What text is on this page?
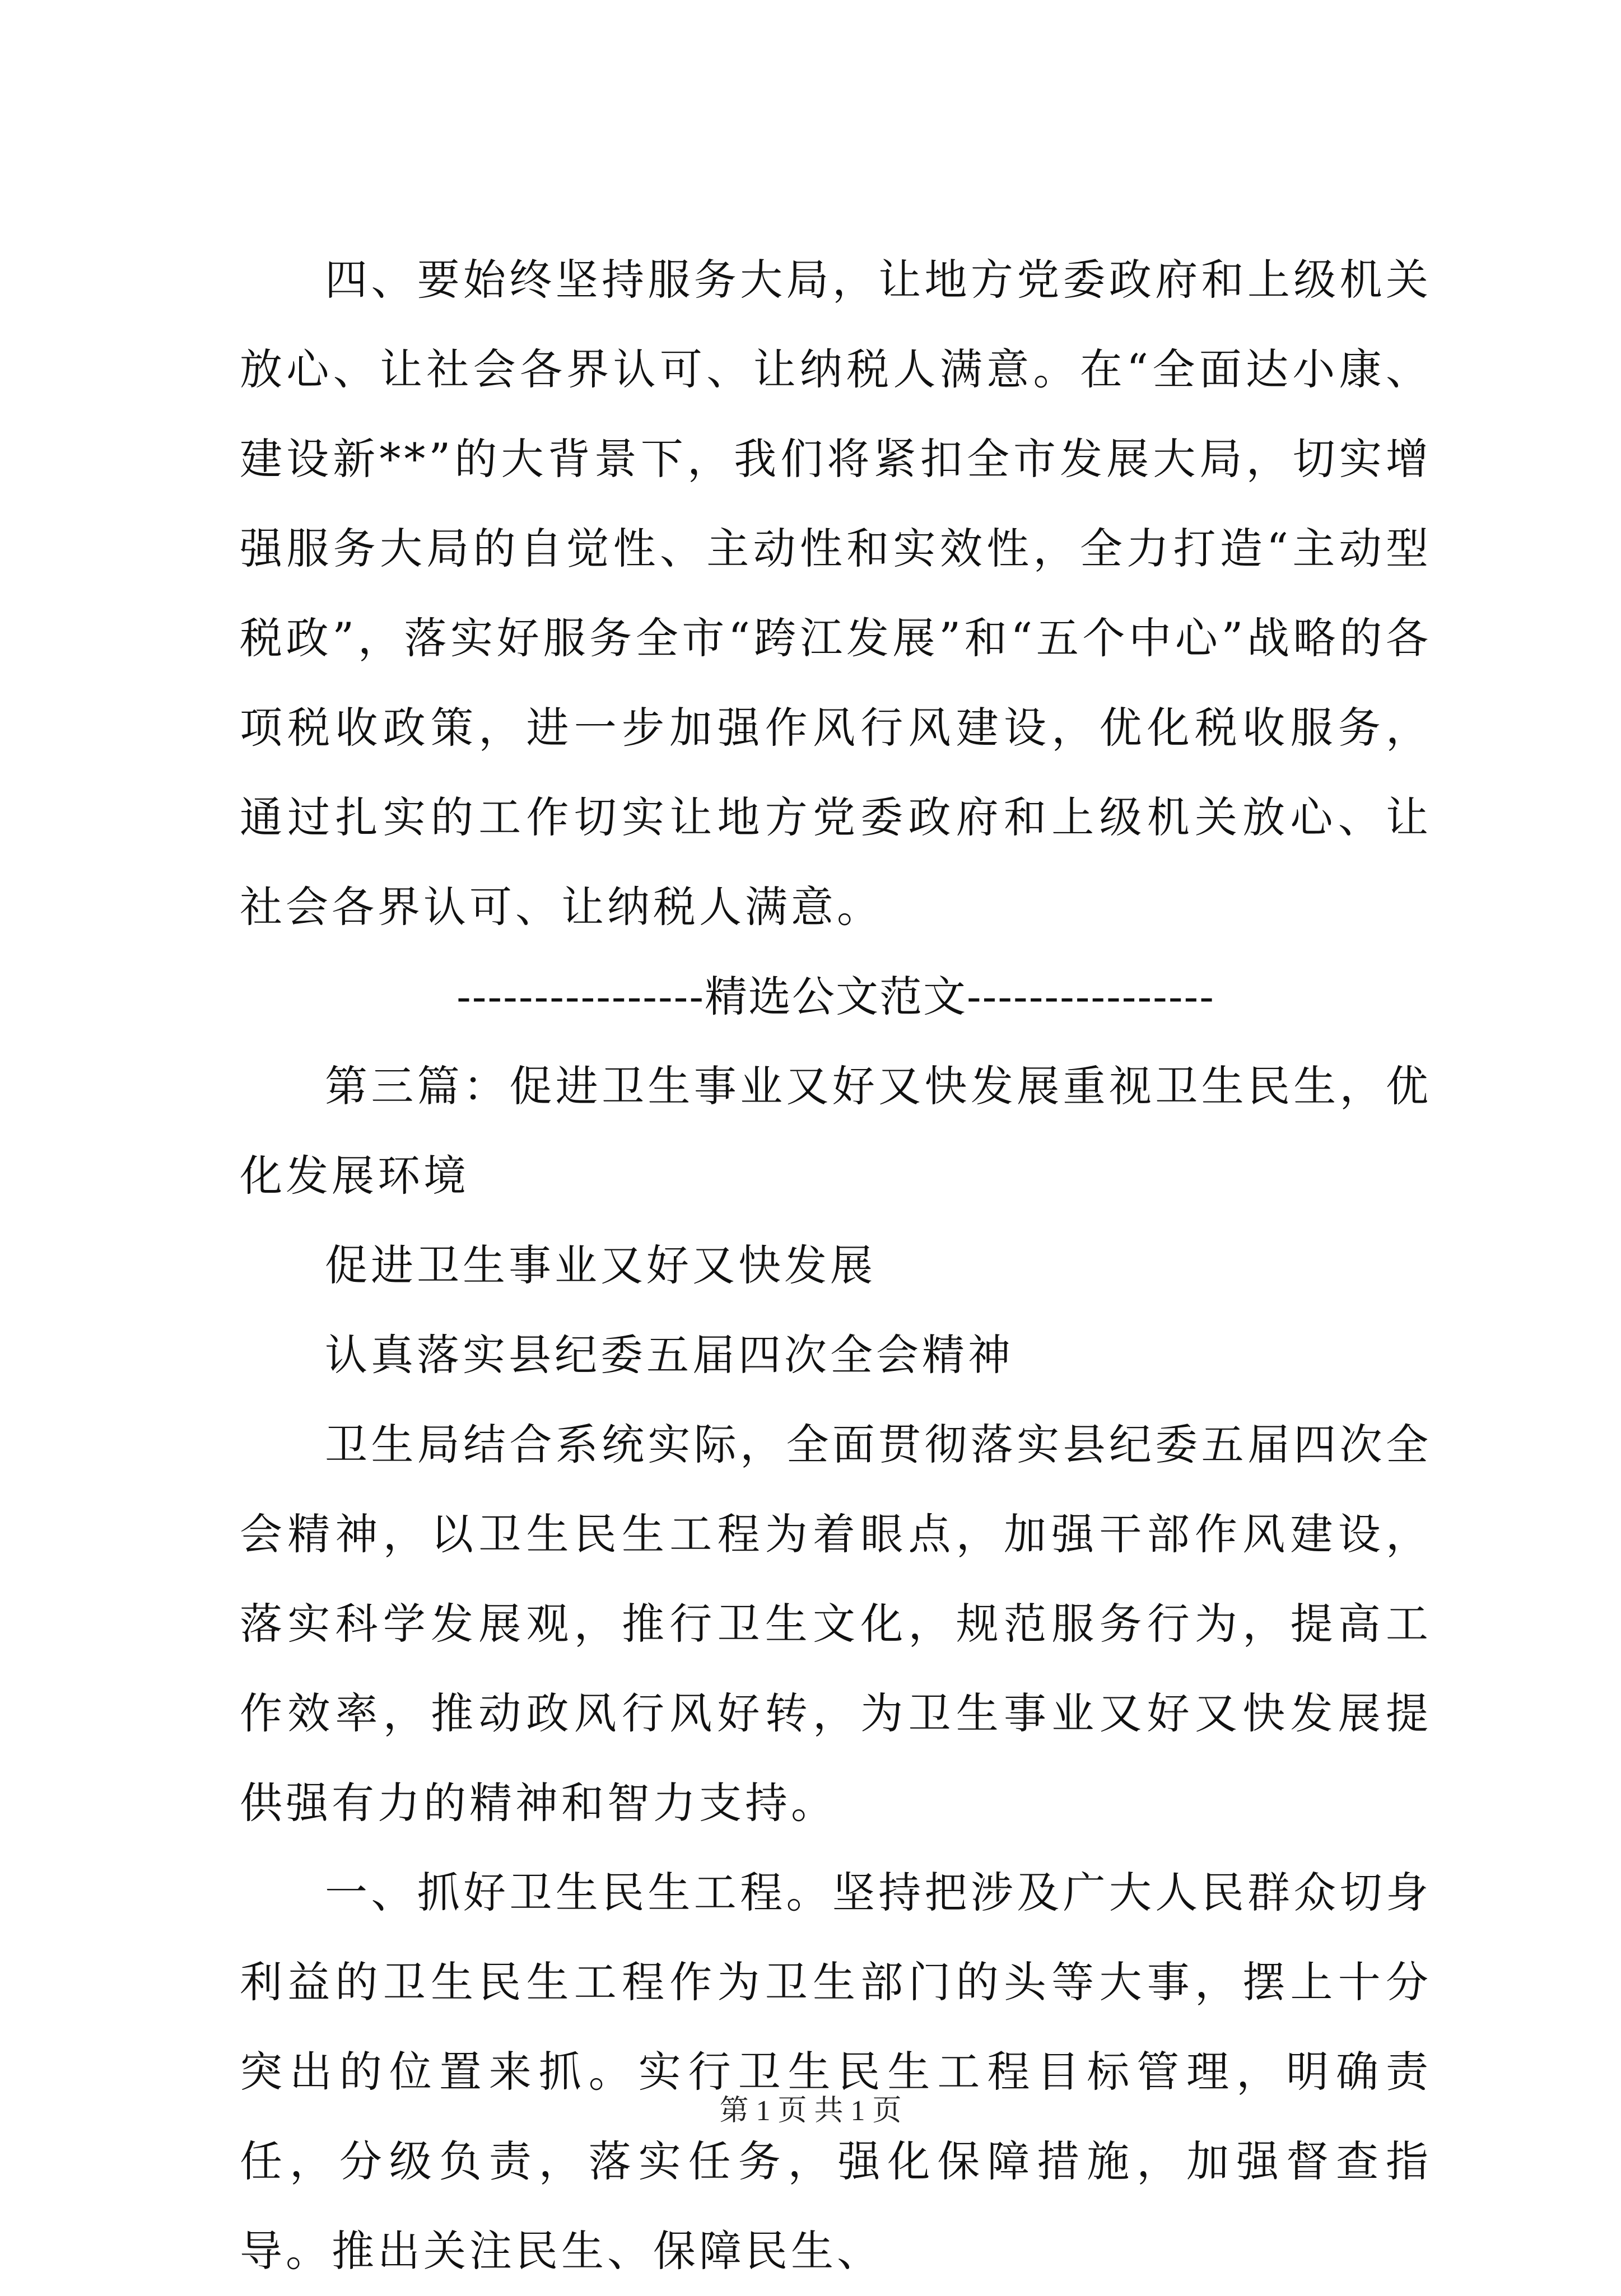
四、要始终坚持服务大局，让地方党委政府和上级机关放心、让社会各界认可、让纳税人满意。在“全面达小康、建设新**”的大背景下，我们将紧扣全市发展大局，切实增强服务大局的自觉性、主动性和实效性，全力打造“主动型税政”，落实好服务全市“跨江发展”和“五个中心”战略的各项税收政策，进一步加强作风行风建设，优化税收服务，通过扎实的工作切实让地方党委政府和上级机关放心、让社会各界认可、让纳税人满意。

----------------精选公文范文----------------

第三篇：促进卫生事业又好又快发展重视卫生民生，优化发展环境

促进卫生事业又好又快发展

认真落实县纪委五届四次全会精神

卫生局结合系统实际，全面贯彻落实县纪委五届四次全会精神，以卫生民生工程为着眼点，加强干部作风建设，落实科学发展观，推行卫生文化，规范服务行为，提高工作效率，推动政风行风好转，为卫生事业又好又快发展提供强有力的精神和智力支持。

一、抓好卫生民生工程。坚持把涉及广大人民群众切身利益的卫生民生工程作为卫生部门的头等大事，摆上十分突出的位置来抓。实行卫生民生工程目标管理，明确责任，分级负责，落实任务，强化保障措施，加强督查指导。推出关注民生、保障民生、

第 1 页 共 1 页
